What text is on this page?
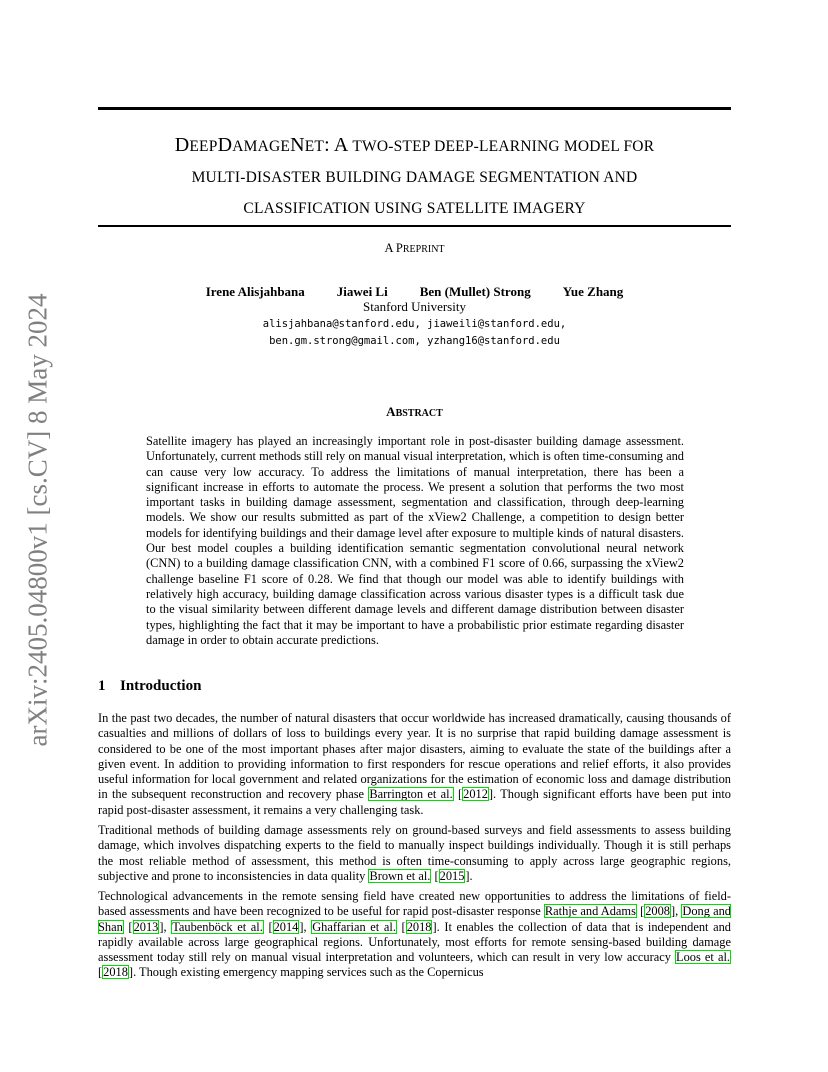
arXiv:2405.04800v1 [cs.CV] 8 May 2024
DEEPDAMAGENET: A TWO-STEP DEEP-LEARNING MODEL FOR
MULTI-DISASTER BUILDING DAMAGE SEGMENTATION AND
CLASSIFICATION USING SATELLITE IMAGERY
A PREPRINT
Irene Alisjahbana Jiawei Li Ben (Mullet) Strong Yue Zhang
Stanford University
alisjahbana@stanford.edu, jiaweili@stanford.edu,
ben.gm.strong@gmail.com, yzhang16@stanford.edu
ABSTRACT

Satellite imagery has played an increasingly important role in post-disaster building damage assessment. Unfortunately, current methods still rely on manual visual interpretation, which is often time-consuming and can cause very low accuracy. To address the limitations of manual interpretation, there has been a significant increase in efforts to automate the process. We present a solution that performs the two most important tasks in building damage assessment, segmentation and classification, through deep-learning models. We show our results submitted as part of the xView2 Challenge, a competition to design better models for identifying buildings and their damage level after exposure to multiple kinds of natural disasters. Our best model couples a building identification semantic segmentation convolutional neural network (CNN) to a building damage classification CNN, with a combined F1 score of 0.66, surpassing the xView2 challenge baseline F1 score of 0.28. We find that though our model was able to identify buildings with relatively high accuracy, building damage classification across various disaster types is a difficult task due to the visual similarity between different damage levels and different damage distribution between disaster types, highlighting the fact that it may be important to have a probabilistic prior estimate regarding disaster damage in order to obtain accurate predictions.

1 Introduction

In the past two decades, the number of natural disasters that occur worldwide has increased dramatically, causing thousands of casualties and millions of dollars of loss to buildings every year. It is no surprise that rapid building damage assessment is considered to be one of the most important phases after major disasters, aiming to evaluate the state of the buildings after a given event. In addition to providing information to first responders for rescue operations and relief efforts, it also provides useful information for local government and related organizations for the estimation of economic loss and damage distribution in the subsequent reconstruction and recovery phase Barrington et al. [2012]. Though significant efforts have been put into rapid post-disaster assessment, it remains a very challenging task.

Traditional methods of building damage assessments rely on ground-based surveys and field assessments to assess building damage, which involves dispatching experts to the field to manually inspect buildings individually. Though it is still perhaps the most reliable method of assessment, this method is often time-consuming to apply across large geographic regions, subjective and prone to inconsistencies in data quality Brown et al. [2015].

Technological advancements in the remote sensing field have created new opportunities to address the limitations of field-based assessments and have been recognized to be useful for rapid post-disaster response Rathje and Adams [2008], Dong and Shan [2013], Taubenböck et al. [2014], Ghaffarian et al. [2018]. It enables the collection of data that is independent and rapidly available across large geographical regions. Unfortunately, most efforts for remote sensing-based building damage assessment today still rely on manual visual interpretation and volunteers, which can result in very low accuracy Loos et al. [2018]. Though existing emergency mapping services such as the Copernicus
